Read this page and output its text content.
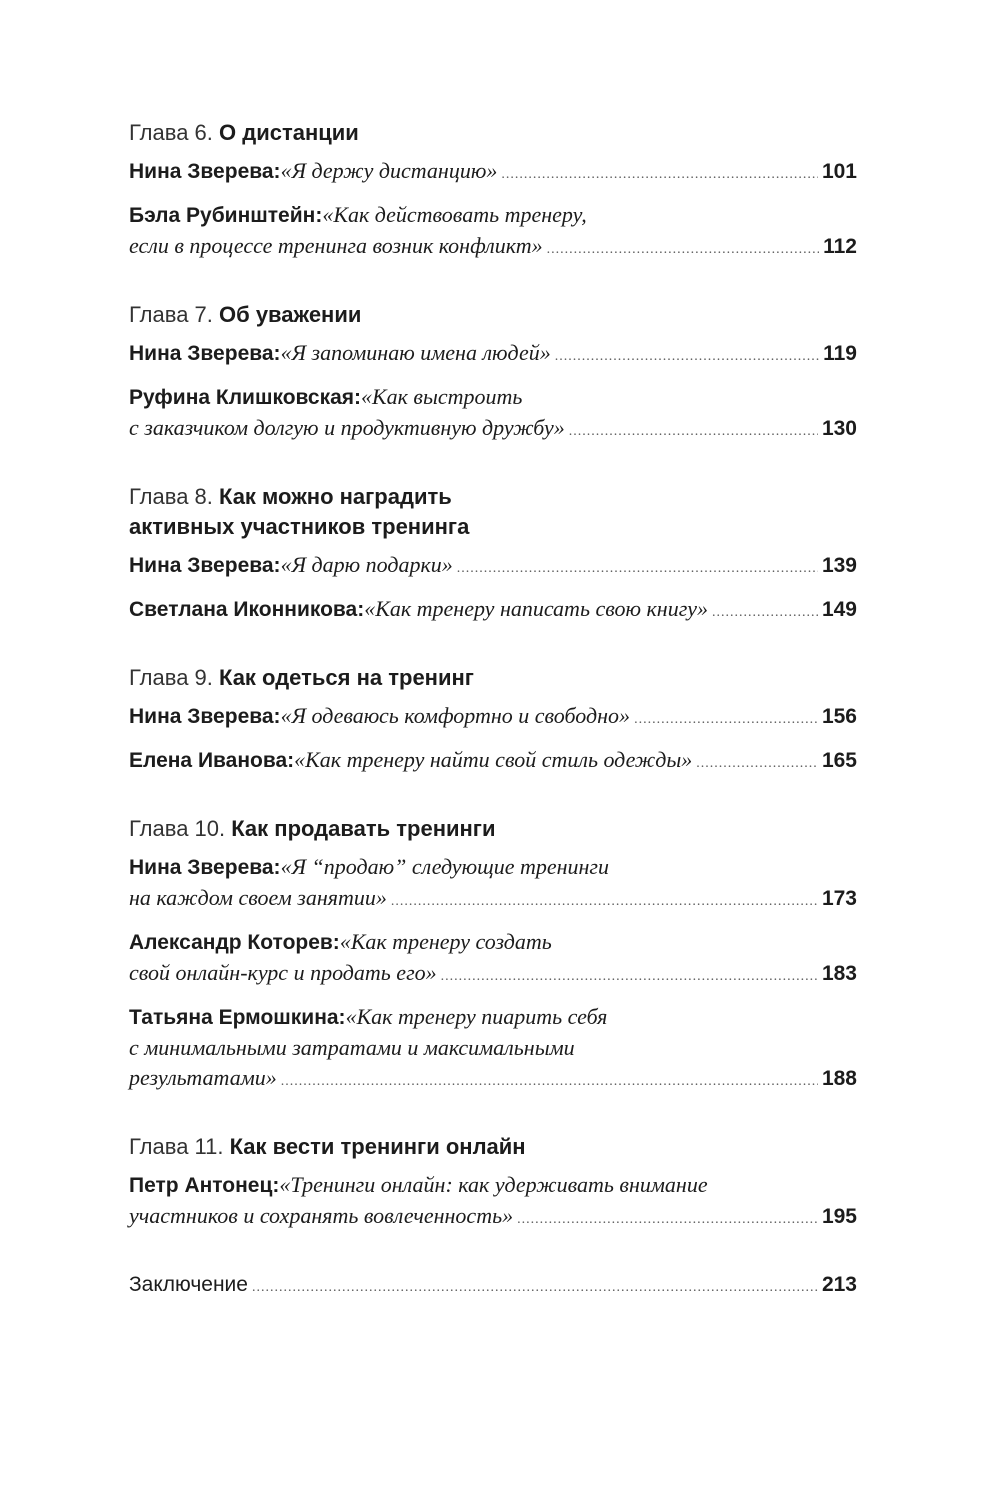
Глава 6. О дистанции
Нина Зверева: «Я держу дистанцию» .....	101
Бэла Рубинштейн: «Как действовать тренеру,
если в процессе тренинга возник конфликт» .....	112
Глава 7. Об уважении
Нина Зверева: «Я запоминаю имена людей» .....	119
Руфина Клишковская: «Как выстроить
с заказчиком долгую и продуктивную дружбу» .....	130
Глава 8. Как можно наградить
активных участников тренинга
Нина Зверева: «Я дарю подарки» .....	139
Светлана Иконникова: «Как тренеру написать свою книгу» .....	149
Глава 9. Как одеться на тренинг
Нина Зверева: «Я одеваюсь комфортно и свободно» .....	156
Елена Иванова: «Как тренеру найти свой стиль одежды» .....	165
Глава 10. Как продавать тренинги
Нина Зверева: «Я “продаю” следующие тренинги
на каждом своем занятии» .....	173
Александр Которев: «Как тренеру создать
свой онлайн-курс и продать его» .....	183
Татьяна Ермошкина: «Как тренеру пиарить себя
с минимальными затратами и максимальными
результатами» .....	188
Глава 11. Как вести тренинги онлайн
Петр Антонец: «Тренинги онлайн: как удерживать внимание
участников и сохранять вовлеченность» .....	195
Заключение .....	213
